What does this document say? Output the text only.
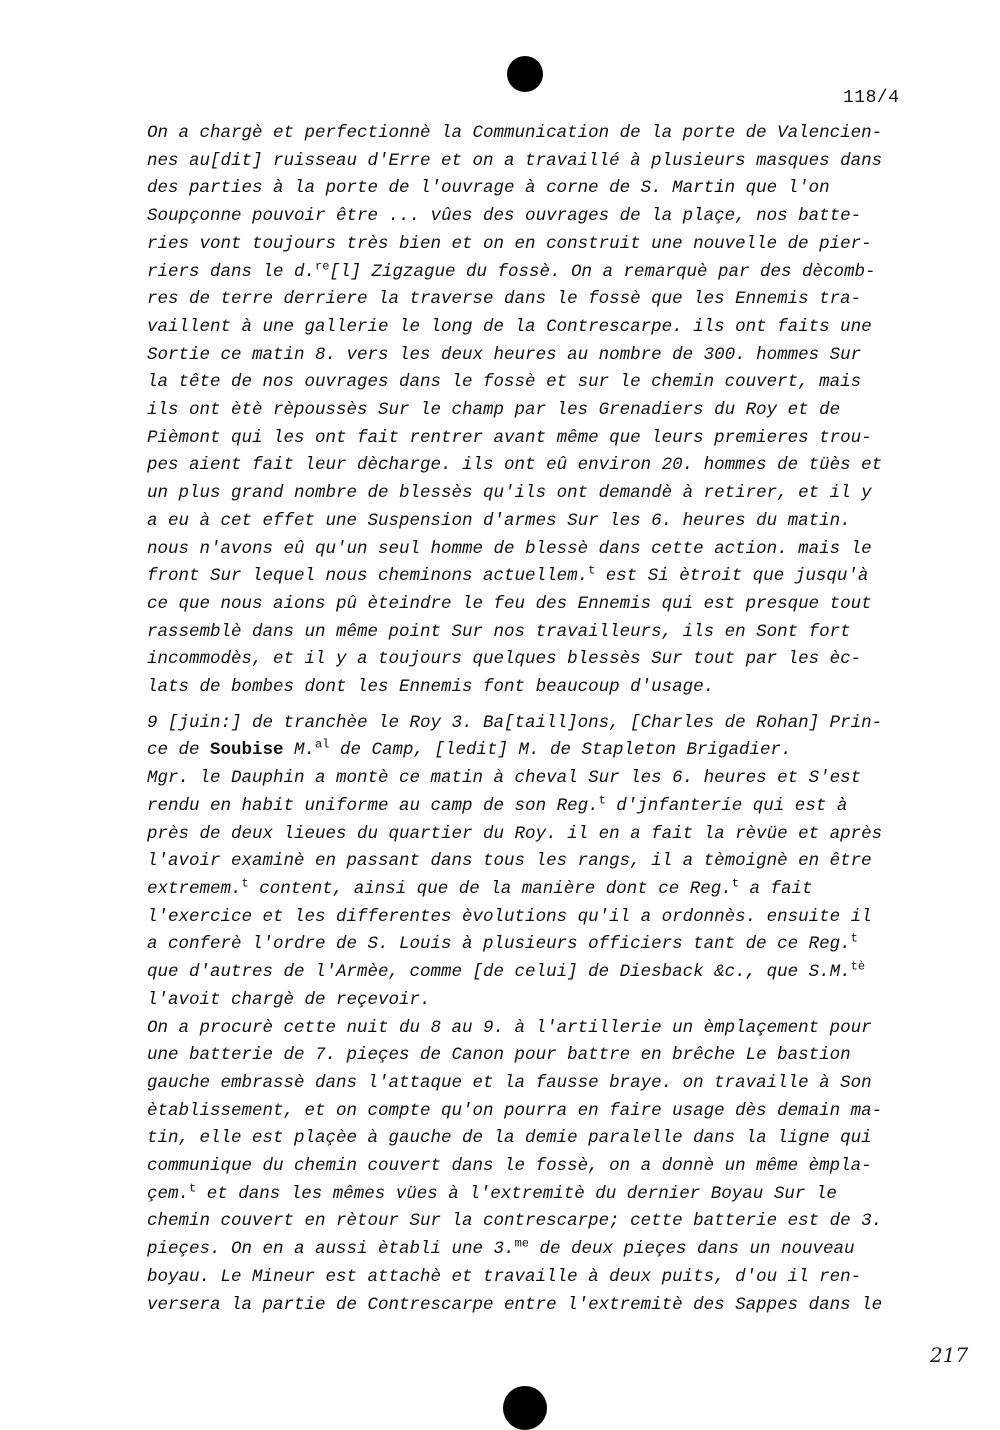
118/4
On a chargè et perfectionnè la Communication de la porte de Valencien-
nes au[dit] ruisseau d'Erre et on a travaillé à plusieurs masques dans
des parties à la porte de l'ouvrage à corne de S. Martin que l'on
Soupçonne pouvoir être ... vûes des ouvrages de la plaçe, nos batte-
ries vont toujours très bien et on en construit une nouvelle de pier-
riers dans le d.$^{re}$[l] Zigzague du fossè. On a remarquè par des dècomb-
res de terre derriere la traverse dans le fossè que les Ennemis tra-
vaillent à une gallerie le long de la Contrescarpe. ils ont faits une
Sortie ce matin 8. vers les deux heures au nombre de 300. hommes Sur
la tête de nos ouvrages dans le fossè et sur le chemin couvert, mais
ils ont ètè rèpoussès Sur le champ par les Grenadiers du Roy et de
Pièmont qui les ont fait rentrer avant même que leurs premieres trou-
pes aient fait leur dècharge. ils ont eû environ 20. hommes de tüès et
un plus grand nombre de blessès qu'ils ont demandè à retirer, et il y
a eu à cet effet une Suspension d'armes Sur les 6. heures du matin.
nous n'avons eû qu'un seul homme de blessè dans cette action. mais le
front Sur lequel nous cheminons actuellem.$^t$ est Si ètroit que jusqu'à
ce que nous aions pû èteindre le feu des Ennemis qui est presque tout
rassemblè dans un même point Sur nos travailleurs, ils en Sont fort
incommodès, et il y a toujours quelques blessès Sur tout par les èc-
lats de bombes dont les Ennemis font beaucoup d'usage.
9 [juin:] de tranchèe le Roy 3. Ba[taill]ons, [Charles de Rohan] Prin-
ce de Soubise M.$^{al}$ de Camp, [ledit] M. de Stapleton Brigadier.
Mgr. le Dauphin a montè ce matin à cheval Sur les 6. heures et S'est
rendu en habit uniforme au camp de son Reg.$^t$ d'jnfanterie qui est à
près de deux lieues du quartier du Roy. il en a fait la rèvüe et après
l'avoir examinè en passant dans tous les rangs, il a tèmoignè en être
extremem.$^t$ content, ainsi que de la manière dont ce Reg.$^t$ a fait
l'exercice et les differentes èvolutions qu'il a ordonnès. ensuite il
a conferè l'ordre de S. Louis à plusieurs officiers tant de ce Reg.$^t$
que d'autres de l'Armèe, comme [de celui] de Diesback &c., que S.M.$^{tè}$
l'avoit chargè de reçevoir.
On a procurè cette nuit du 8 au 9. à l'artillerie un èmplaçement pour
une batterie de 7. pieçes de Canon pour battre en brêche Le bastion
gauche embrassè dans l'attaque et la fausse braye. on travaille à Son
ètablissement, et on compte qu'on pourra en faire usage dès demain ma-
tin, elle est plaçèe à gauche de la demie paralelle dans la ligne qui
communique du chemin couvert dans le fossè, on a donnè un même èmpla-
çem.$^t$ et dans les mêmes vües à l'extremitè du dernier Boyau Sur le
chemin couvert en rètour Sur la contrescarpe; cette batterie est de 3.
pieçes. On en a aussi ètabli une 3.$^{me}$ de deux pieçes dans un nouveau
boyau. Le Mineur est attachè et travaille à deux puits, d'ou il ren-
versera la partie de Contrescarpe entre l'extremitè des Sappes dans le
217
